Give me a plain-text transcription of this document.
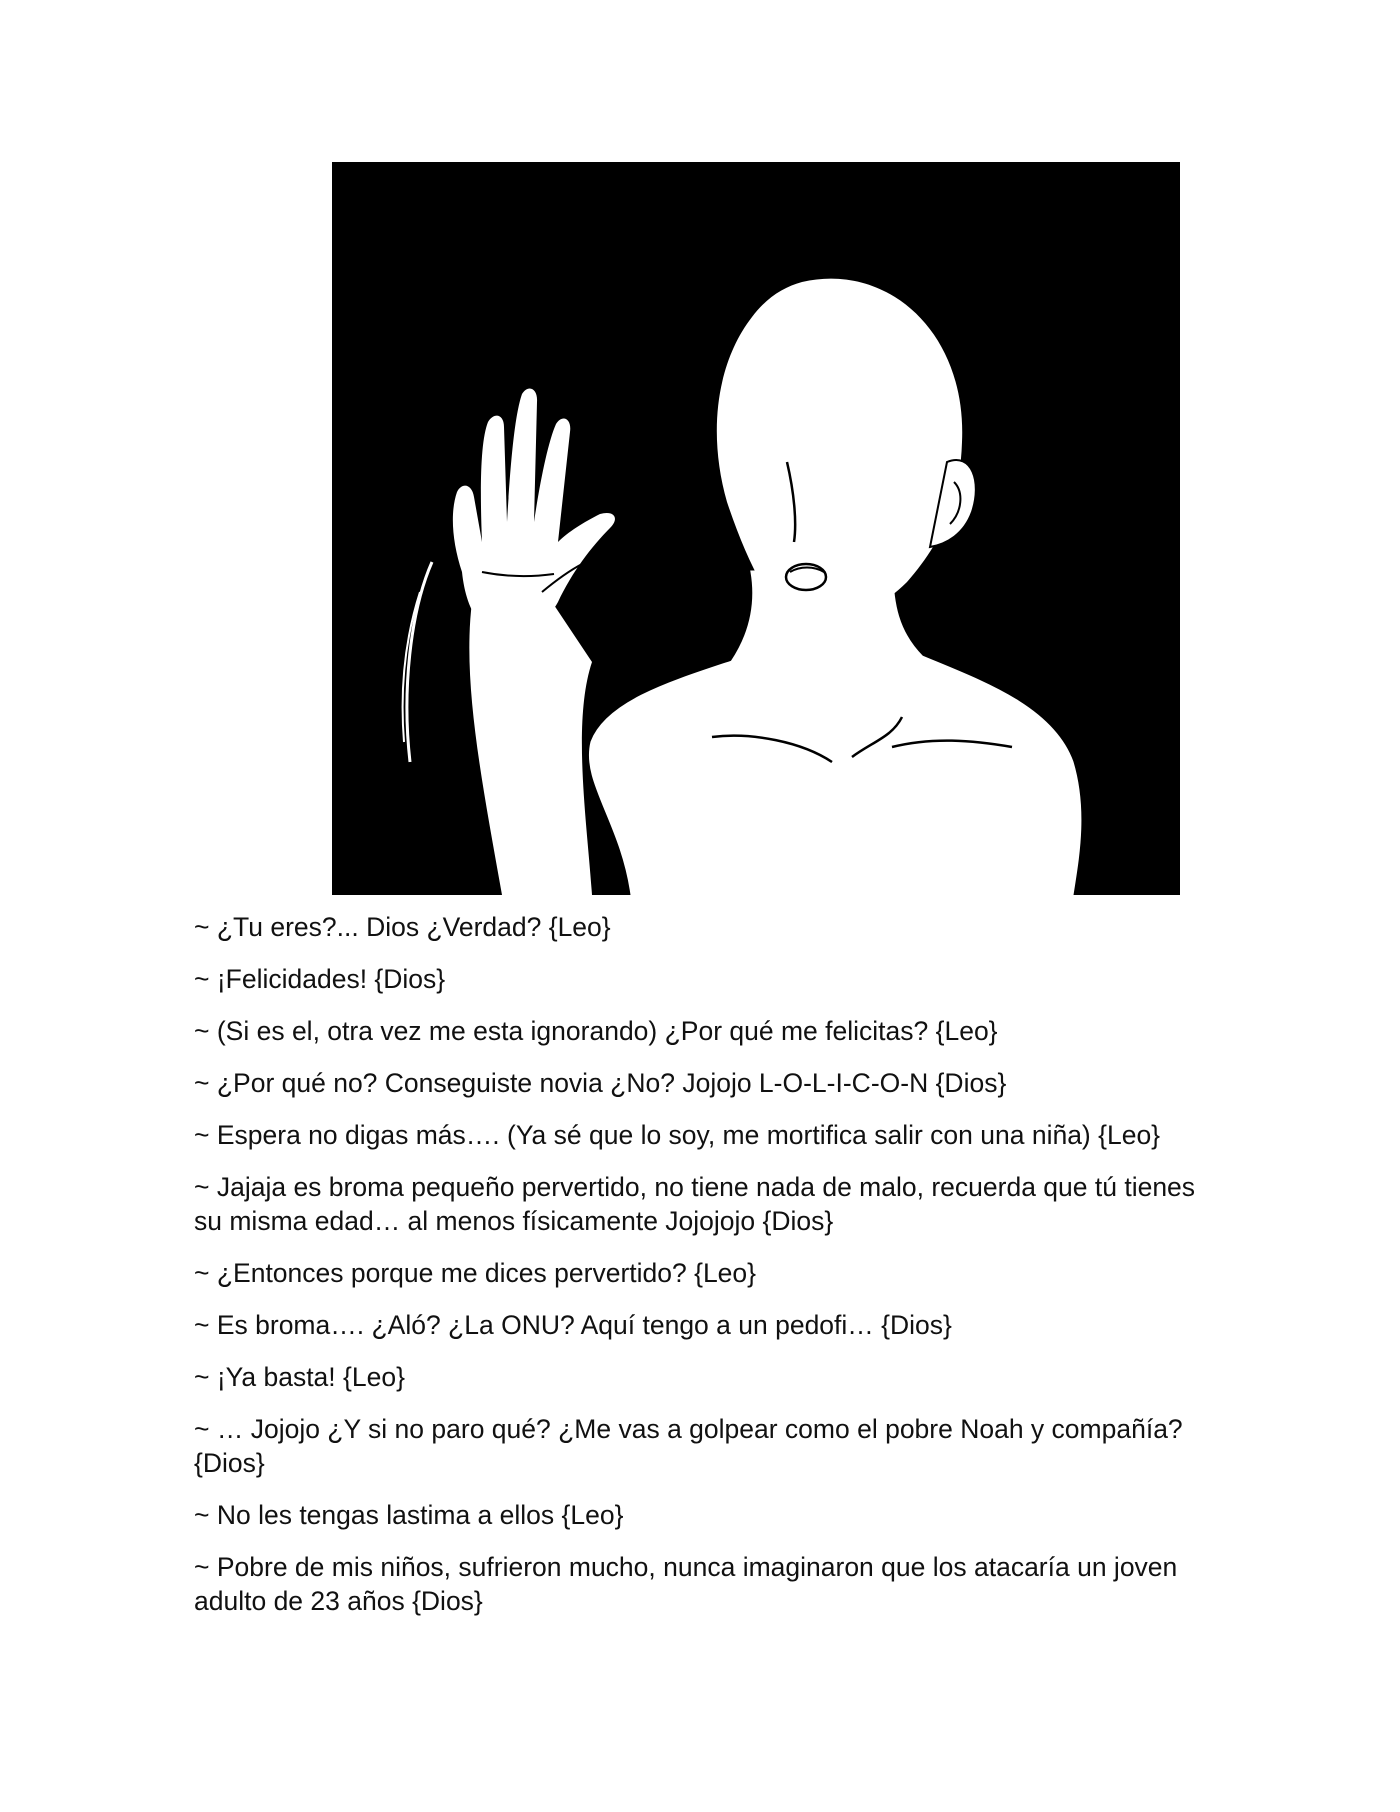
~ ¿Tu eres?... Dios ¿Verdad? {Leo}
~ ¡Felicidades! {Dios}
~ (Si es el, otra vez me esta ignorando) ¿Por qué me felicitas? {Leo}
~ ¿Por qué no? Conseguiste novia ¿No? Jojojo L-O-L-I-C-O-N {Dios}
~ Espera no digas más…. (Ya sé que lo soy, me mortifica salir con una niña) {Leo}
~ Jajaja es broma pequeño pervertido, no tiene nada de malo, recuerda que tú tienes su misma edad… al menos físicamente Jojojojo {Dios}
~ ¿Entonces porque me dices pervertido? {Leo}
~ Es broma…. ¿Aló? ¿La ONU? Aquí tengo a un pedofi… {Dios}
~ ¡Ya basta! {Leo}
~ … Jojojo ¿Y si no paro qué? ¿Me vas a golpear como el pobre Noah y compañía? {Dios}
~ No les tengas lastima a ellos {Leo}
~ Pobre de mis niños, sufrieron mucho, nunca imaginaron que los atacaría un joven adulto de 23 años {Dios}
